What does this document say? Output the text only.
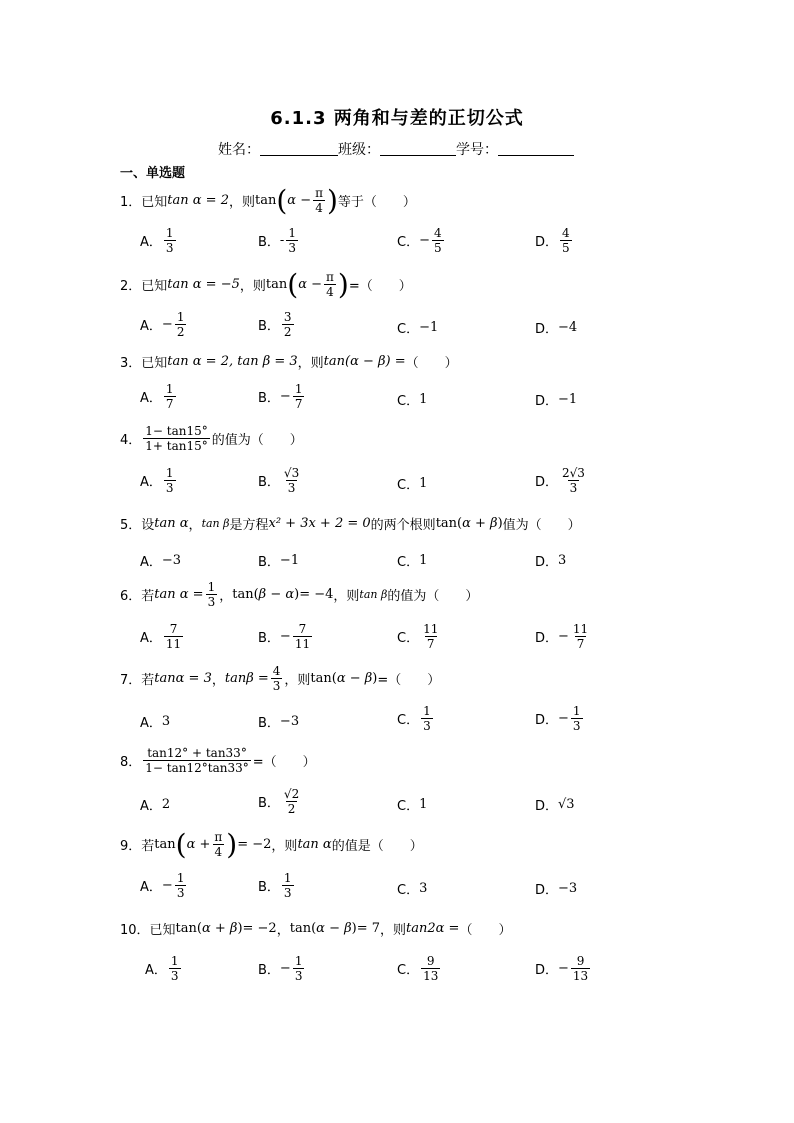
6.1.3 两角和与差的正切公式
姓名：	班级：	学号：
一、单选题
1．已知 tan α = 2 ，则 tan ( $\alpha - \frac{\pi}{4}$ ) 等于（　　）
A． $\frac{1}{3}$	B． - $\frac{1}{3}$	C． − $\frac{4}{5}$	D． $\frac{4}{5}$
2．已知 tan α = −5 ，则 tan ( $\alpha - \frac{\pi}{4}$ ) =（　　）
A． − $\frac{1}{2}$	B． $\frac{3}{2}$	C． −1	D． −4
3．已知 tan α = 2, tan β = 3 ，则 tan(α − β) = （　　）
A． $\frac{1}{7}$	B． − $\frac{1}{7}$	C． 1	D． −1
4． $\frac{1- \tan 15^\circ}{1+ \tan 15^\circ}$ 的值为（　　）
A． $\frac{1}{3}$	B． $\frac{√3}{3}$	C． 1	D． $\frac{2√3}{3}$
5．设 tan α ， tan β 是方程 x² + 3x + 2 = 0 的两个根则 tan ( α + β ) 值为（　　）
A． −3	B． −1	C． 1	D． 3
6．若 $\tan \alpha = \frac{1}{3}$ ， tan ( β − α ) = −4 ，则 tan β 的值为（　　）
A． $\frac{7}{11}$	B． − $\frac{7}{11}$	C． $\frac{11}{7}$	D． − $\frac{11}{7}$
7．若 tanα = 3 ， $\tan\beta = \frac{4}{3}$ ，则 tan ( α − β ) =（　　）
A． 3	B． −3	C． $\frac{1}{3}$	D． − $\frac{1}{3}$
8． $\frac{\tan 12^\circ + \tan 33^\circ}{1- \tan 12^\circ\tan 33^\circ}$ =（　　）
A． 2	B． $\frac{√2}{2}$	C． 1	D． √3
9．若 tan ( $\alpha + \frac{\pi}{4}$ ) = −2 ，则 tan α 的值是（　　）
A． − $\frac{1}{3}$	B． $\frac{1}{3}$	C． 3	D． −3
10．已知 tan ( α + β ) = −2 ， tan ( α − β ) = 7 ，则 tan2α = （　　）
A． $\frac{1}{3}$	B． − $\frac{1}{3}$	C． $\frac{9}{13}$	D． − $\frac{9}{13}$
